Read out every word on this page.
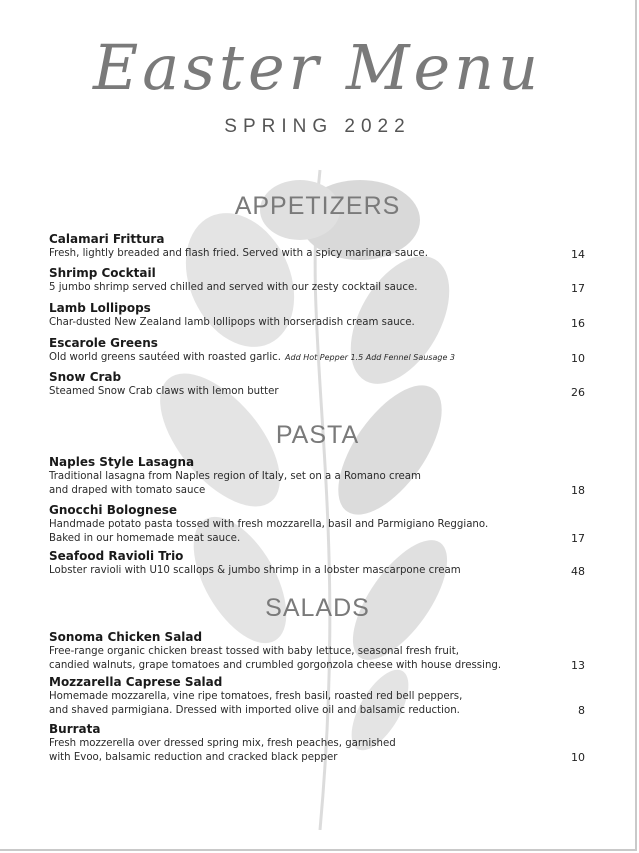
Easter Menu
SPRING 2022
APPETIZERS
Calamari Frittura
Fresh, lightly breaded and flash fried. Served with a spicy marinara sauce.	14
Shrimp Cocktail
5 jumbo shrimp served chilled and served with our zesty cocktail sauce.	17
Lamb Lollipops
Char-dusted New Zealand lamb lollipops with horseradish cream sauce.	16
Escarole Greens
Old world greens sautéed with roasted garlic. Add Hot Pepper 1.5 Add Fennel Sausage 3	10
Snow Crab
Steamed Snow Crab claws with lemon butter	26
PASTA
Naples Style Lasagna
Traditional lasagna from Naples region of Italy, set on a a Romano cream
and draped with tomato sauce	18
Gnocchi Bolognese
Handmade potato pasta tossed with fresh mozzarella, basil and Parmigiano Reggiano.
Baked in our homemade meat sauce.	17
Seafood Ravioli Trio
Lobster ravioli with U10 scallops & jumbo shrimp in a lobster mascarpone cream	48
SALADS
Sonoma Chicken Salad
Free-range organic chicken breast tossed with baby lettuce, seasonal fresh fruit,
candied walnuts, grape tomatoes and crumbled gorgonzola cheese with house dressing.	13
Mozzarella Caprese Salad
Homemade mozzarella, vine ripe tomatoes, fresh basil, roasted red bell peppers,
and shaved parmigiana. Dressed with imported olive oil and balsamic reduction.	8
Burrata
Fresh mozzerella over dressed spring mix, fresh peaches, garnished
with Evoo, balsamic reduction and cracked black pepper	10
